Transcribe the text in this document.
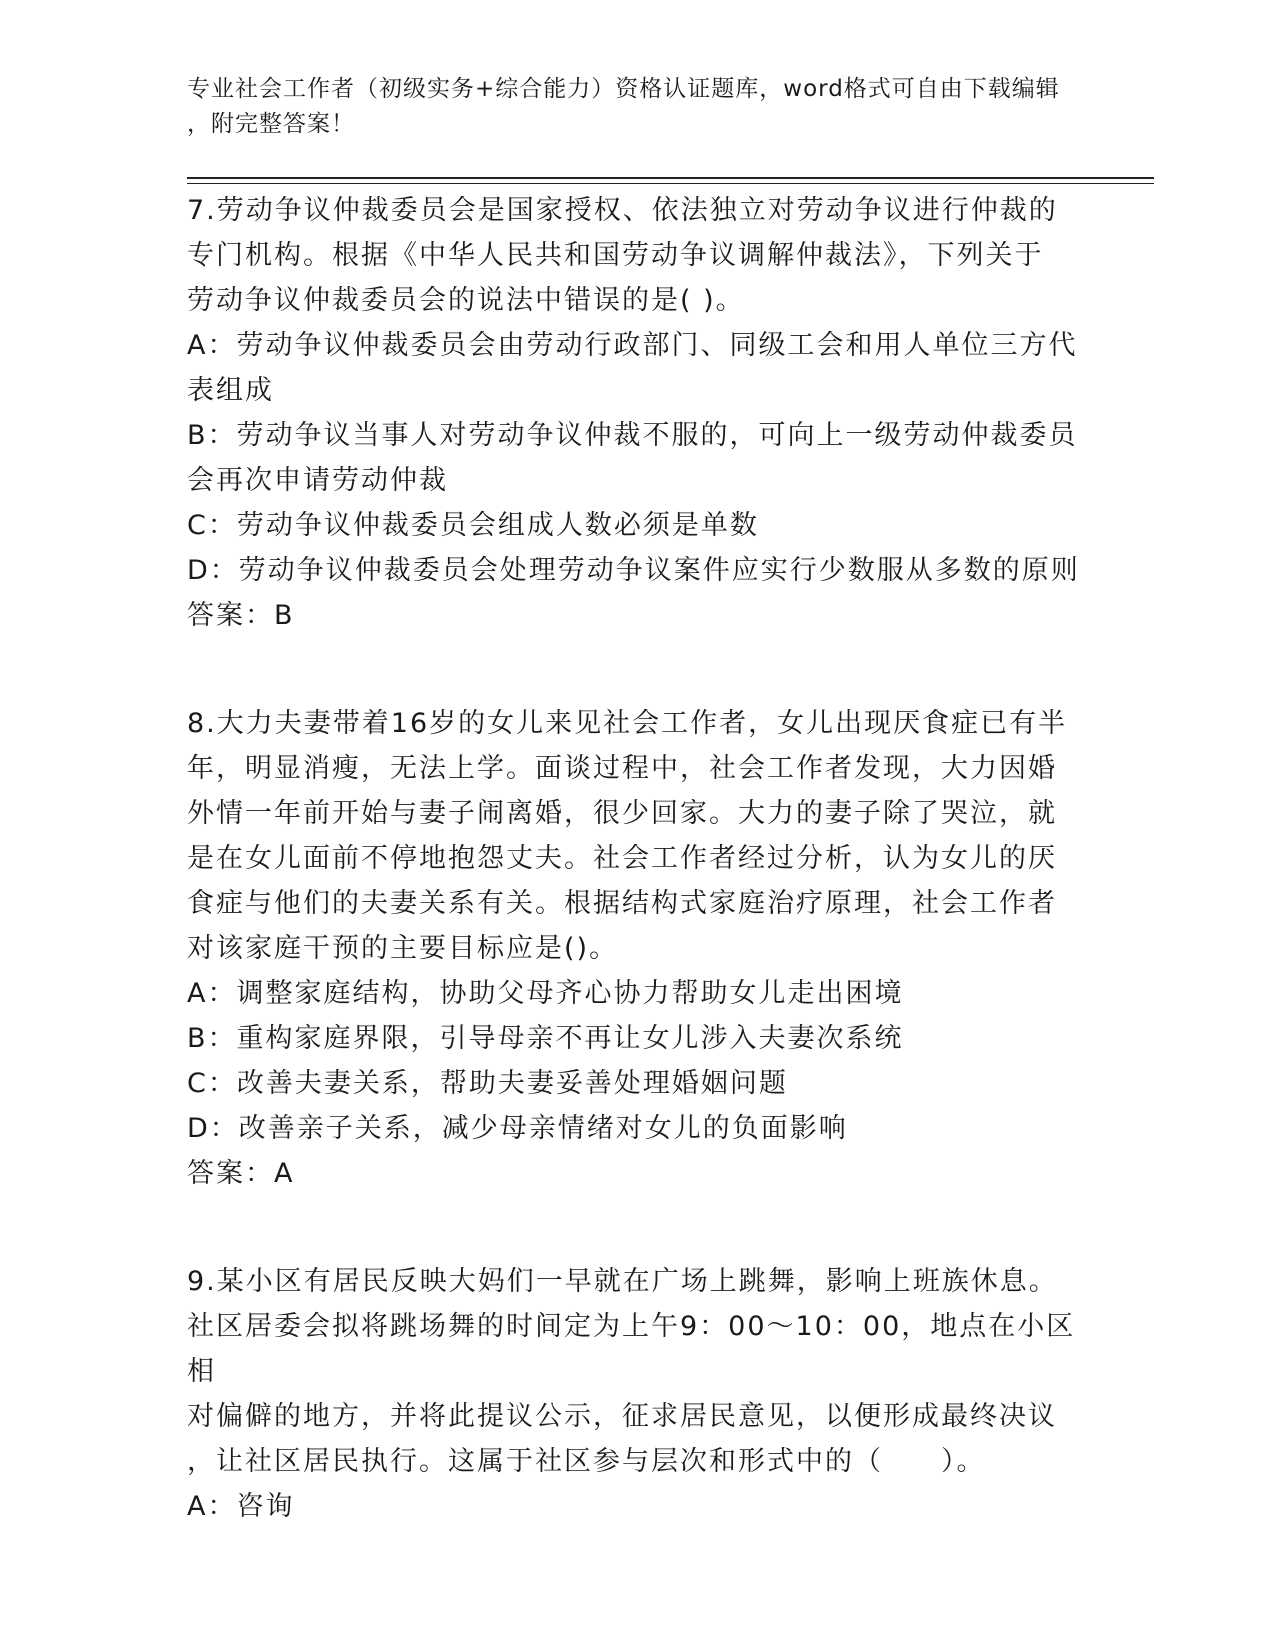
专业社会工作者（初级实务+综合能力）资格认证题库，word格式可自由下载编辑
，附完整答案！
7.劳动争议仲裁委员会是国家授权、依法独立对劳动争议进行仲裁的
专门机构。根据《中华人民共和国劳动争议调解仲裁法》，下列关于
劳动争议仲裁委员会的说法中错误的是( )。
A：劳动争议仲裁委员会由劳动行政部门、同级工会和用人单位三方代
表组成
B：劳动争议当事人对劳动争议仲裁不服的，可向上一级劳动仲裁委员
会再次申请劳动仲裁
C：劳动争议仲裁委员会组成人数必须是单数
D：劳动争议仲裁委员会处理劳动争议案件应实行少数服从多数的原则
答案：B
8.大力夫妻带着16岁的女儿来见社会工作者，女儿出现厌食症已有半
年，明显消瘦，无法上学。面谈过程中，社会工作者发现，大力因婚
外情一年前开始与妻子闹离婚，很少回家。大力的妻子除了哭泣，就
是在女儿面前不停地抱怨丈夫。社会工作者经过分析，认为女儿的厌
食症与他们的夫妻关系有关。根据结构式家庭治疗原理，社会工作者
对该家庭干预的主要目标应是()。
A：调整家庭结构，协助父母齐心协力帮助女儿走出困境
B：重构家庭界限，引导母亲不再让女儿涉入夫妻次系统
C：改善夫妻关系，帮助夫妻妥善处理婚姻问题
D：改善亲子关系，减少母亲情绪对女儿的负面影响
答案：A
9.某小区有居民反映大妈们一早就在广场上跳舞，影响上班族休息。
社区居委会拟将跳场舞的时间定为上午9：00～10：00，地点在小区相
对偏僻的地方，并将此提议公示，征求居民意见，以便形成最终决议
，让社区居民执行。这属于社区参与层次和形式中的（　　）。
A：咨询
